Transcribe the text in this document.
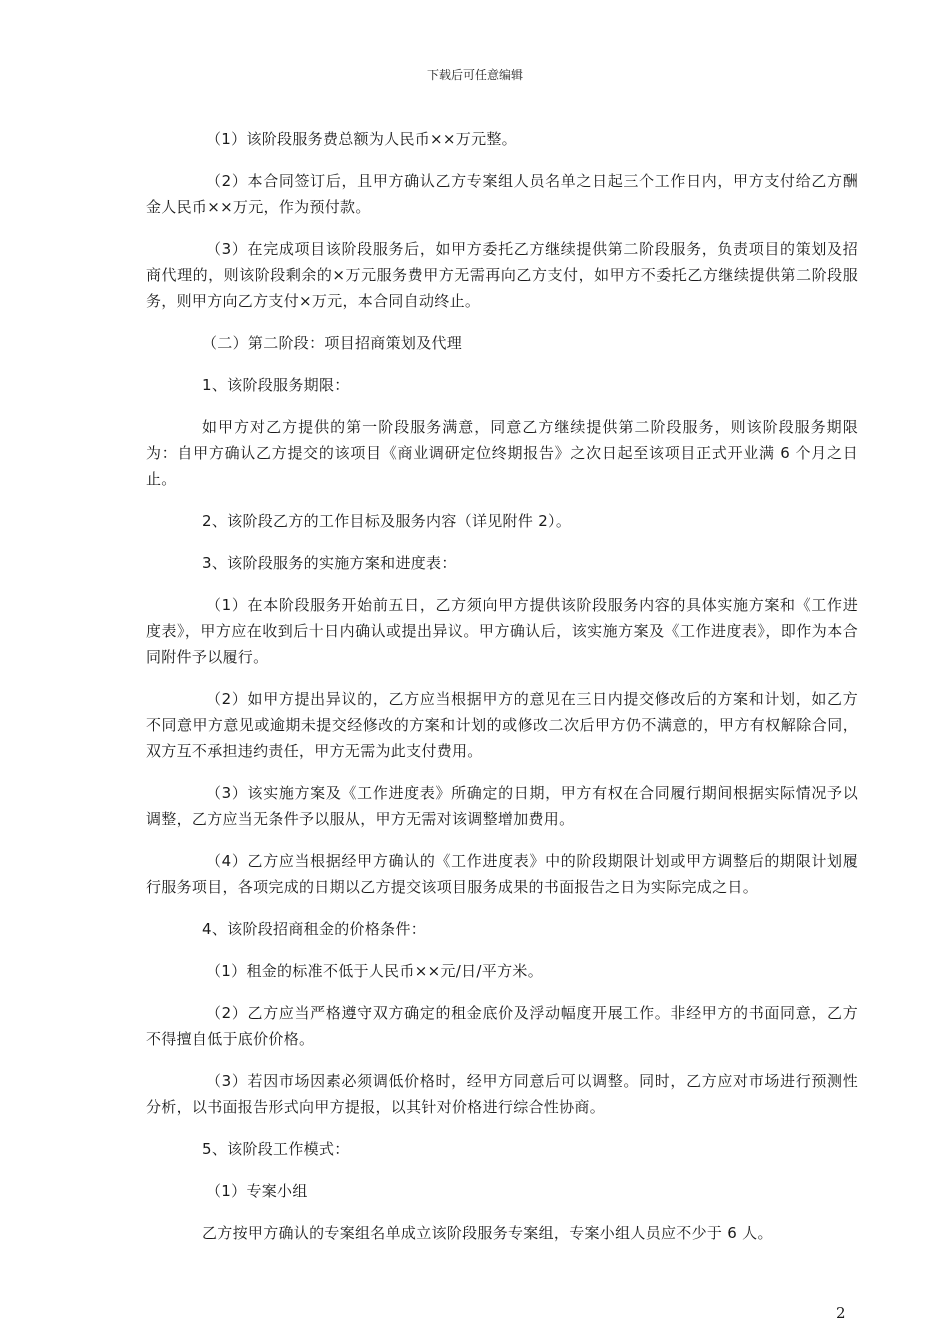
下载后可任意编辑

（1）该阶段服务费总额为人民币××万元整。

（2）本合同签订后，且甲方确认乙方专案组人员名单之日起三个工作日内，甲方支付给乙方酬金人民币××万元，作为预付款。

（3）在完成项目该阶段服务后，如甲方委托乙方继续提供第二阶段服务，负责项目的策划及招商代理的，则该阶段剩余的×万元服务费甲方无需再向乙方支付，如甲方不委托乙方继续提供第二阶段服务，则甲方向乙方支付×万元，本合同自动终止。

（二）第二阶段：项目招商策划及代理

1、该阶段服务期限：

如甲方对乙方提供的第一阶段服务满意，同意乙方继续提供第二阶段服务，则该阶段服务期限为：自甲方确认乙方提交的该项目《商业调研定位终期报告》之次日起至该项目正式开业满 6 个月之日止。

2、该阶段乙方的工作目标及服务内容（详见附件 2）。

3、该阶段服务的实施方案和进度表：

（1）在本阶段服务开始前五日，乙方须向甲方提供该阶段服务内容的具体实施方案和《工作进度表》，甲方应在收到后十日内确认或提出异议。甲方确认后，该实施方案及《工作进度表》，即作为本合同附件予以履行。

（2）如甲方提出异议的，乙方应当根据甲方的意见在三日内提交修改后的方案和计划，如乙方不同意甲方意见或逾期未提交经修改的方案和计划的或修改二次后甲方仍不满意的，甲方有权解除合同，双方互不承担违约责任，甲方无需为此支付费用。

（3）该实施方案及《工作进度表》所确定的日期，甲方有权在合同履行期间根据实际情况予以调整，乙方应当无条件予以服从，甲方无需对该调整增加费用。

（4）乙方应当根据经甲方确认的《工作进度表》中的阶段期限计划或甲方调整后的期限计划履行服务项目，各项完成的日期以乙方提交该项目服务成果的书面报告之日为实际完成之日。

4、该阶段招商租金的价格条件：

（1）租金的标准不低于人民币××元/日/平方米。

（2）乙方应当严格遵守双方确定的租金底价及浮动幅度开展工作。非经甲方的书面同意，乙方不得擅自低于底价价格。

（3）若因市场因素必须调低价格时，经甲方同意后可以调整。同时，乙方应对市场进行预测性分析，以书面报告形式向甲方提报，以其针对价格进行综合性协商。

5、该阶段工作模式：

（1）专案小组

乙方按甲方确认的专案组名单成立该阶段服务专案组，专案小组人员应不少于 6 人。

2
